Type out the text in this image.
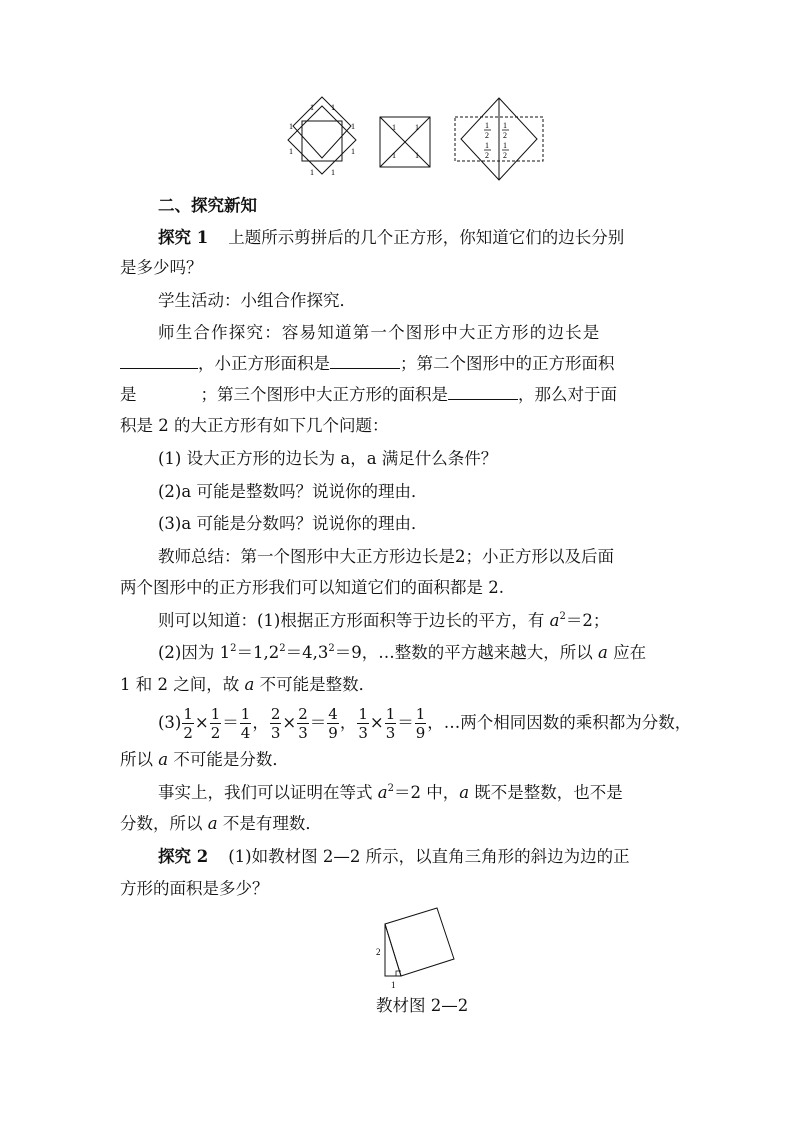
1 1
1
1
1
1
1 1
1 1
1 1
1
2
1
2
1
2
1
2
二、探究新知
探究 1 上题所示剪拼后的几个正方形，你知道它们的边长分别
是多少吗？
学生活动：小组合作探究．
师生合作探究：容易知道第一个图形中大正方形的边长是
，小正方形面积是	；第二个图形中的正方形面积
是	；第三个图形中大正方形的面积是	，那么对于面
积是 2 的大正方形有如下几个问题：
(1) 设大正方形的边长为 a，a 满足什么条件？
(2)a 可能是整数吗？说说你的理由．
(3)a 可能是分数吗？说说你的理由．
教师总结：第一个图形中大正方形边长是2；小正方形以及后面
两个图形中的正方形我们可以知道它们的面积都是 2.
则可以知道：(1)根据正方形面积等于边长的平方，有 $a^2=2$；
(2)因为 $1^2=1,2^2=4,3^2=9$，…整数的平方越来越大，所以 a 应在
1 和 2 之间，故 a 不可能是整数．
$(3) \frac{1}{2} \times \frac{1}{2} = \frac{1}{4}$ ， $\frac{2}{3} \times \frac{2}{3} = \frac{4}{9}$ ， $\frac{1}{3} \times \frac{1}{3} = \frac{1}{9}$ ，…两个相同因数的乘积都为分数，
所以 a 不可能是分数．
事实上，我们可以证明在等式 $a^2=2$ 中，a 既不是整数，也不是
分数，所以 a 不是有理数．
探究 2 (1)如教材图 2—2 所示，以直角三角形的斜边为边的正
方形的面积是多少？
2
1
教材图 2—2
